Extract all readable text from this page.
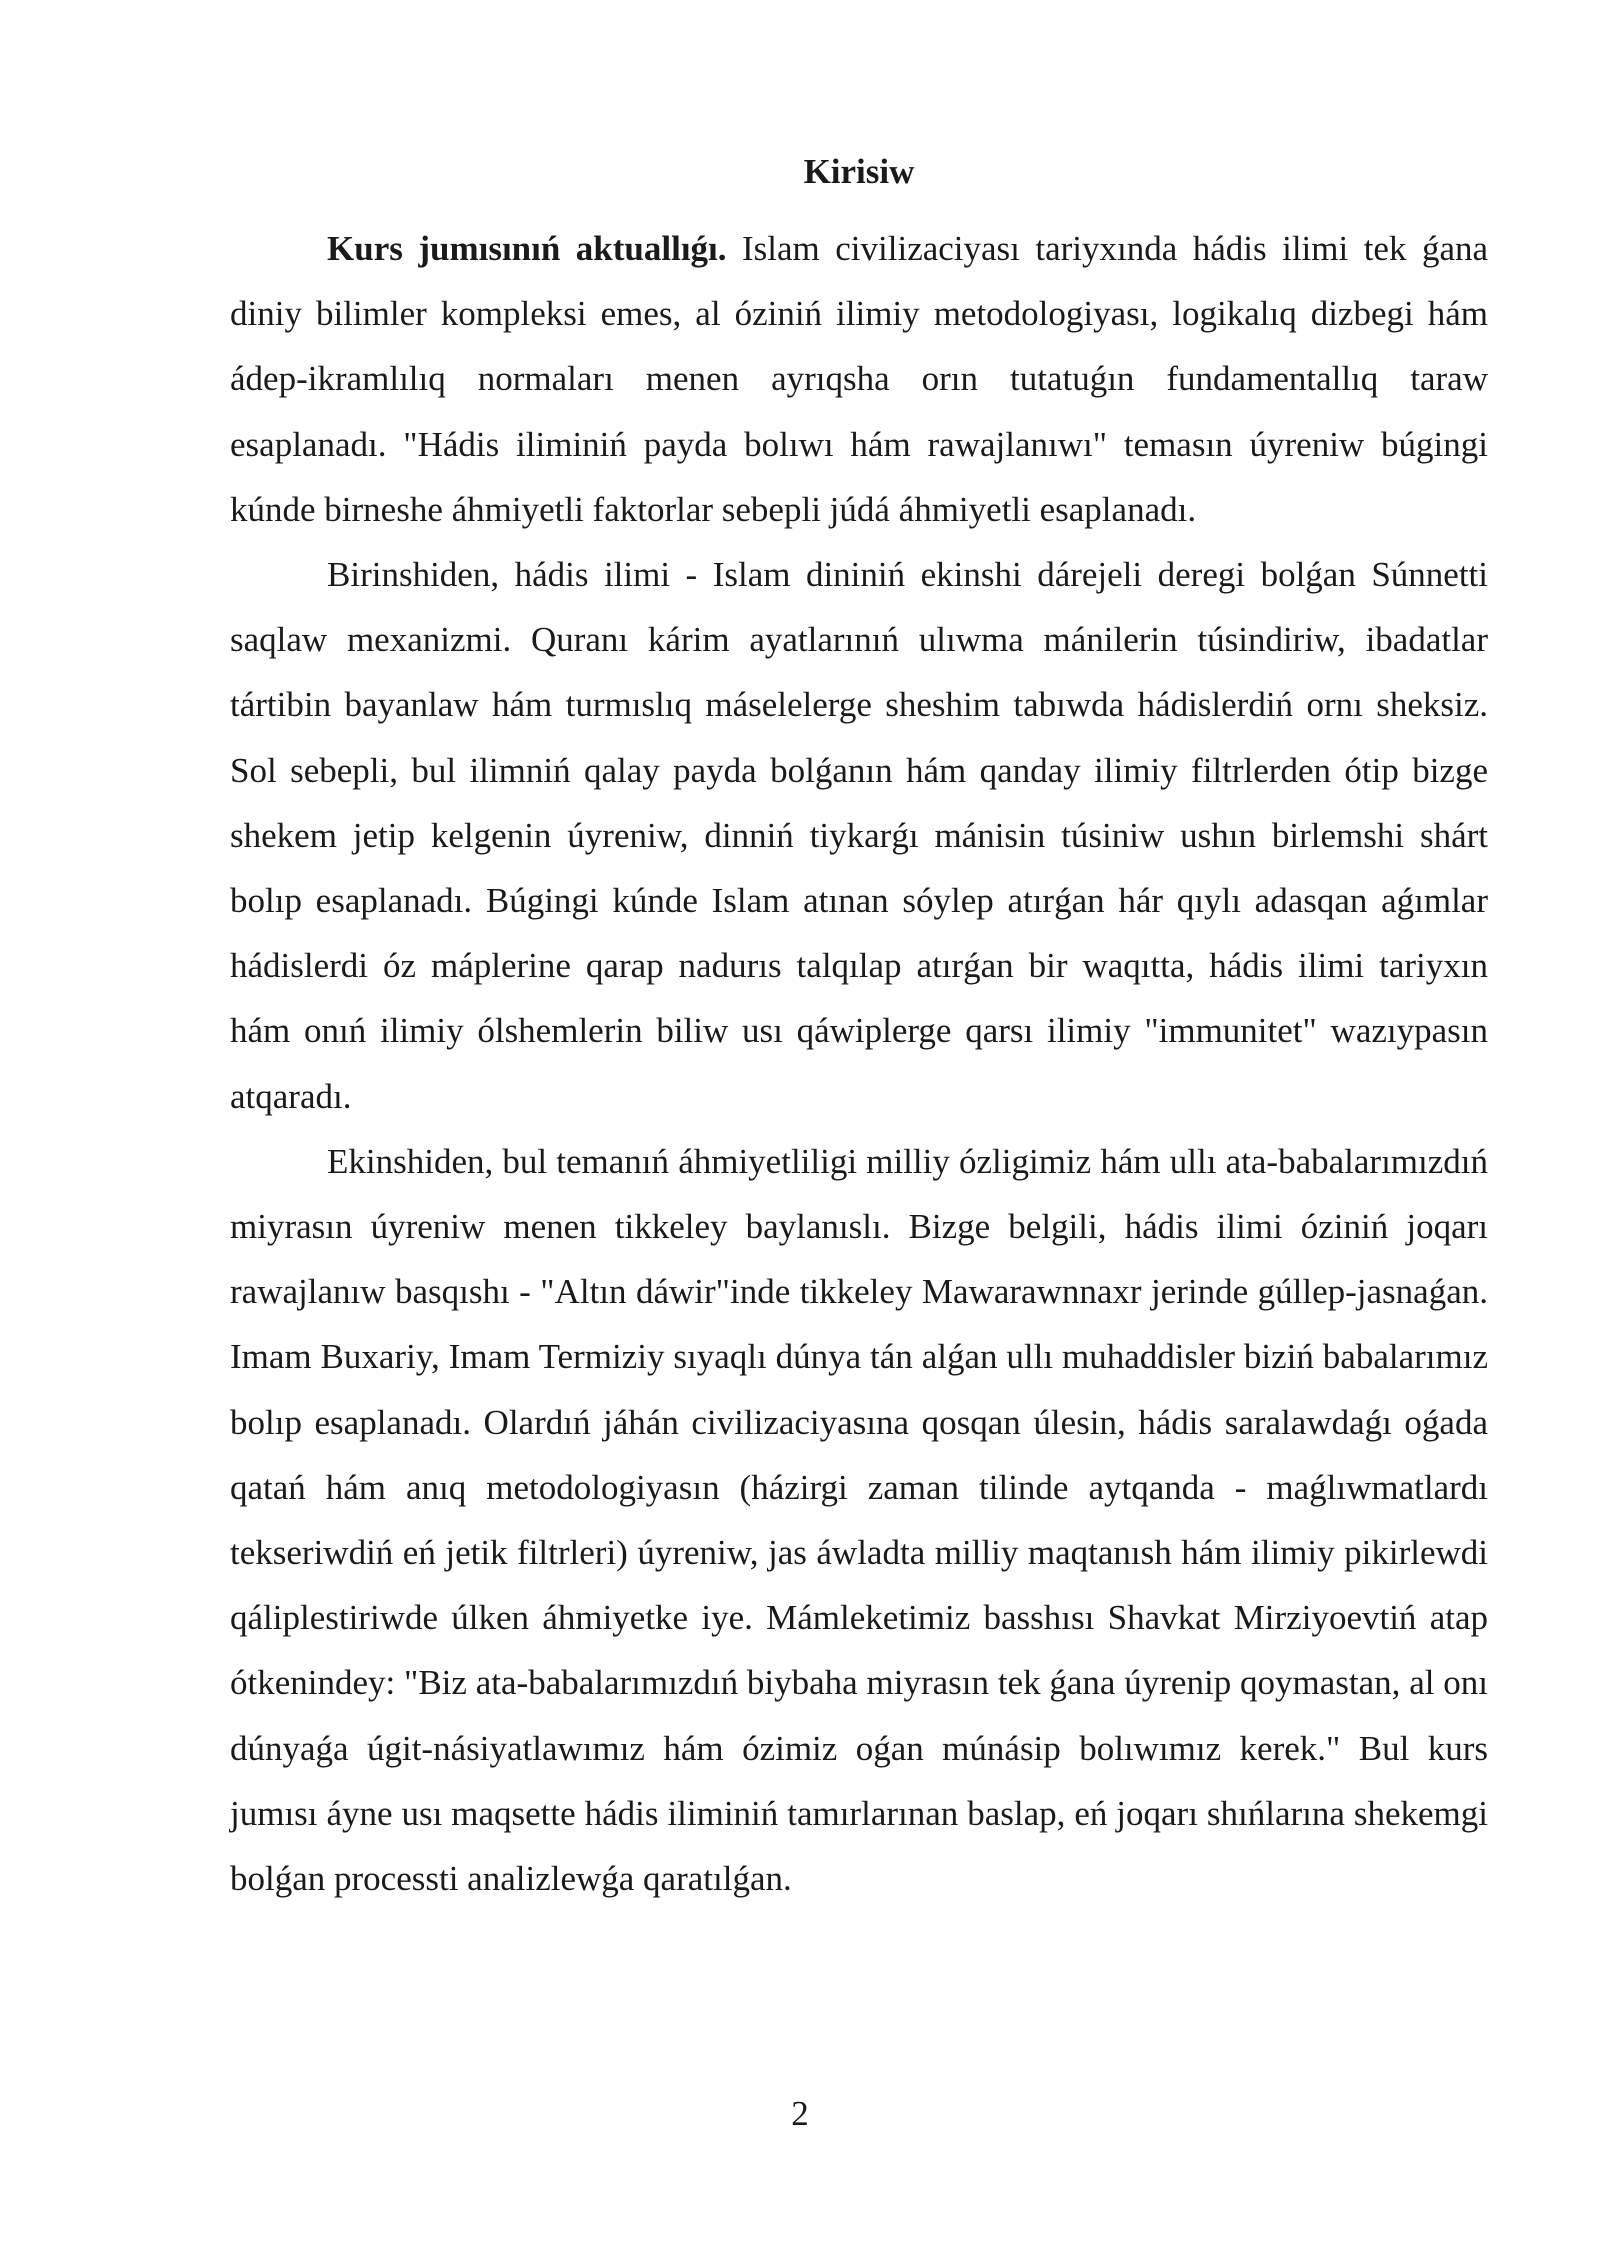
Kirisiw

Kurs jumısınıń aktuallıǵı. Islam civilizaciyası tariyxında hádis ilimi tek ǵana diniy bilimler kompleksi emes, al óziniń ilimiy metodologiyası, logikalıq dizbegi hám ádep-ikramlılıq normaları menen ayrıqsha orın tutatuǵın fundamentallıq taraw esaplanadı. "Hádis iliminiń payda bolıwı hám rawajlanıwı" temasın úyreniw búgingi kúnde birneshe áhmiyetli faktorlar sebepli júdá áhmiyetli esaplanadı.

Birinshiden, hádis ilimi - Islam dininiń ekinshi dárejeli deregi bolǵan Súnnetti saqlaw mexanizmi. Quranı kárim ayatlarınıń ulıwma mánilerin túsindiriw, ibadatlar tártibin bayanlaw hám turmıslıq máselelerge sheshim tabıwda hádislerdiń ornı sheksiz. Sol sebepli, bul ilimniń qalay payda bolǵanın hám qanday ilimiy filtrlerden ótip bizge shekem jetip kelgenin úyreniw, dinniń tiykarǵı mánisin túsiniw ushın birlemshi shárt bolıp esaplanadı. Búgingi kúnde Islam atınan sóylep atırǵan hár qıylı adasqan aǵımlar hádislerdi óz máplerine qarap nadurıs talqılap atırǵan bir waqıtta, hádis ilimi tariyxın hám onıń ilimiy ólshemlerin biliw usı qáwiplerge qarsı ilimiy "immunitet" wazıypasın atqaradı.

Ekinshiden, bul temanıń áhmiyetliligi milliy ózligimiz hám ullı ata-babalarımızdıń miyrasın úyreniw menen tikkeley baylanıslı. Bizge belgili, hádis ilimi óziniń joqarı rawajlanıw basqıshı - "Altın dáwir"inde tikkeley Mawarawnnaxr jerinde gúllep-jasnaǵan. Imam Buxariy, Imam Termiziy sıyaqlı dúnya tán alǵan ullı muhaddisler biziń babalarımız bolıp esaplanadı. Olardıń jáhán civilizaciyasına qosqan úlesin, hádis saralawdaǵı oǵada qatań hám anıq metodologiyasın (házirgi zaman tilinde aytqanda - maǵlıwmatlardı tekseriwdiń eń jetik filtrleri) úyreniw, jas áwladta milliy maqtanısh hám ilimiy pikirlewdi qáliplestiriwde úlken áhmiyetke iye. Mámleketimiz basshısı Shavkat Mirziyoevtiń atap ótkenindey: "Biz ata-babalarımızdıń biybaha miyrasın tek ǵana úyrenip qoymastan, al onı dúnyaǵa úgit-násiyatlawımız hám ózimiz oǵan múnásip bolıwımız kerek." Bul kurs jumısı áyne usı maqsette hádis iliminiń tamırlarınan baslap, eń joqarı shıńlarına shekemgi bolǵan processti analizlewǵa qaratılǵan.

2
